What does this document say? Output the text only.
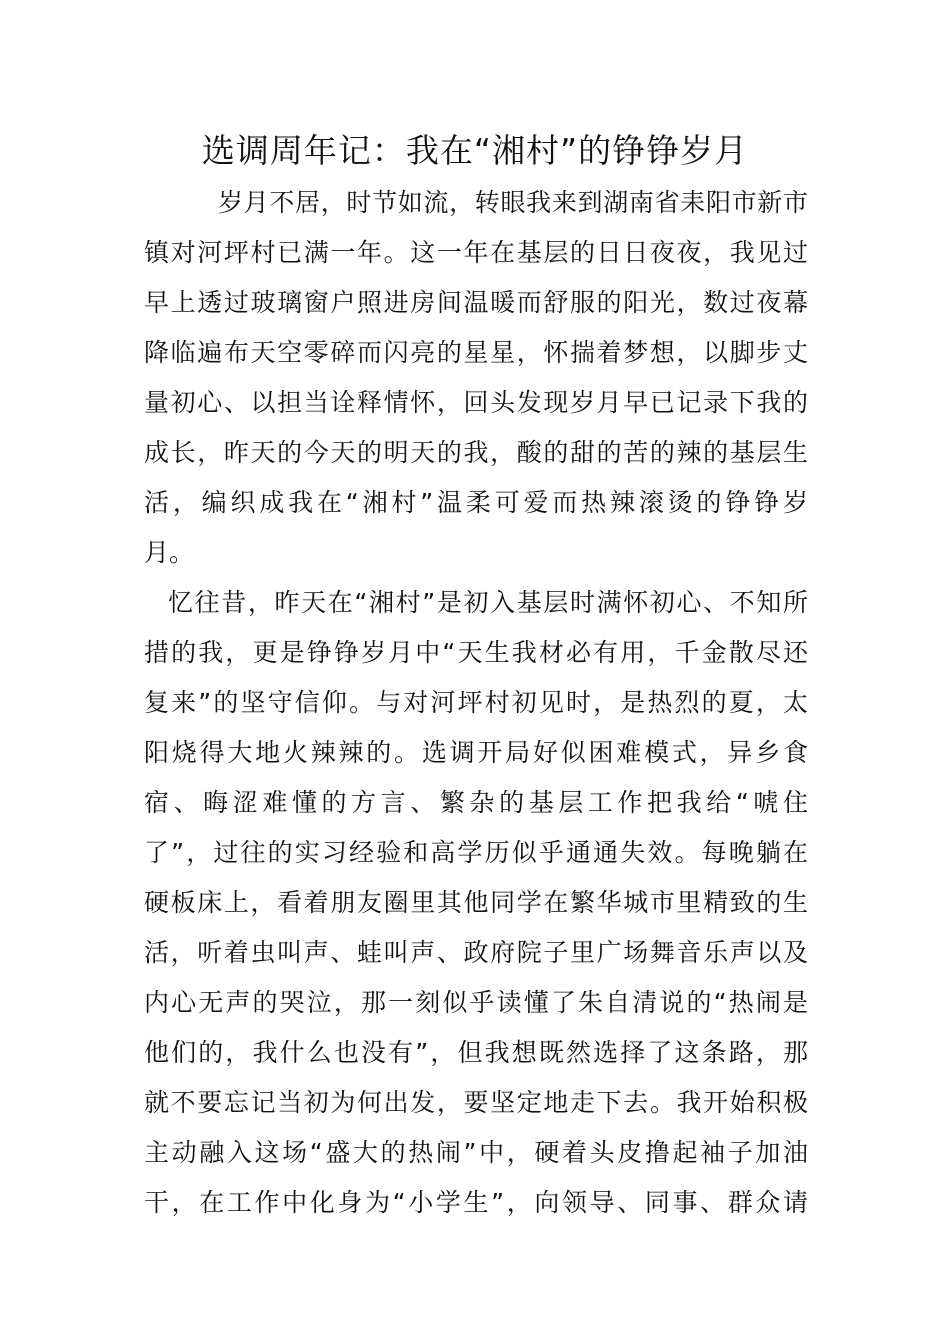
选调周年记：我在“湘村”的铮铮岁月
岁月不居，时节如流，转眼我来到湖南省耒阳市新市
镇对河坪村已满一年。这一年在基层的日日夜夜，我见过
早上透过玻璃窗户照进房间温暖而舒服的阳光，数过夜幕
降临遍布天空零碎而闪亮的星星，怀揣着梦想，以脚步丈
量初心、以担当诠释情怀，回头发现岁月早已记录下我的
成长，昨天的今天的明天的我，酸的甜的苦的辣的基层生
活，编织成我在“湘村”温柔可爱而热辣滚烫的铮铮岁
月。
忆往昔，昨天在“湘村”是初入基层时满怀初心、不知所
措的我，更是铮铮岁月中“天生我材必有用，千金散尽还
复来”的坚守信仰。与对河坪村初见时，是热烈的夏，太
阳烧得大地火辣辣的。选调开局好似困难模式，异乡食
宿、晦涩难懂的方言、繁杂的基层工作把我给“唬住
了”，过往的实习经验和高学历似乎通通失效。每晚躺在
硬板床上，看着朋友圈里其他同学在繁华城市里精致的生
活，听着虫叫声、蛙叫声、政府院子里广场舞音乐声以及
内心无声的哭泣，那一刻似乎读懂了朱自清说的“热闹是
他们的，我什么也没有”，但我想既然选择了这条路，那
就不要忘记当初为何出发，要坚定地走下去。我开始积极
主动融入这场“盛大的热闹”中，硬着头皮撸起袖子加油
干，在工作中化身为“小学生”，向领导、同事、群众请
